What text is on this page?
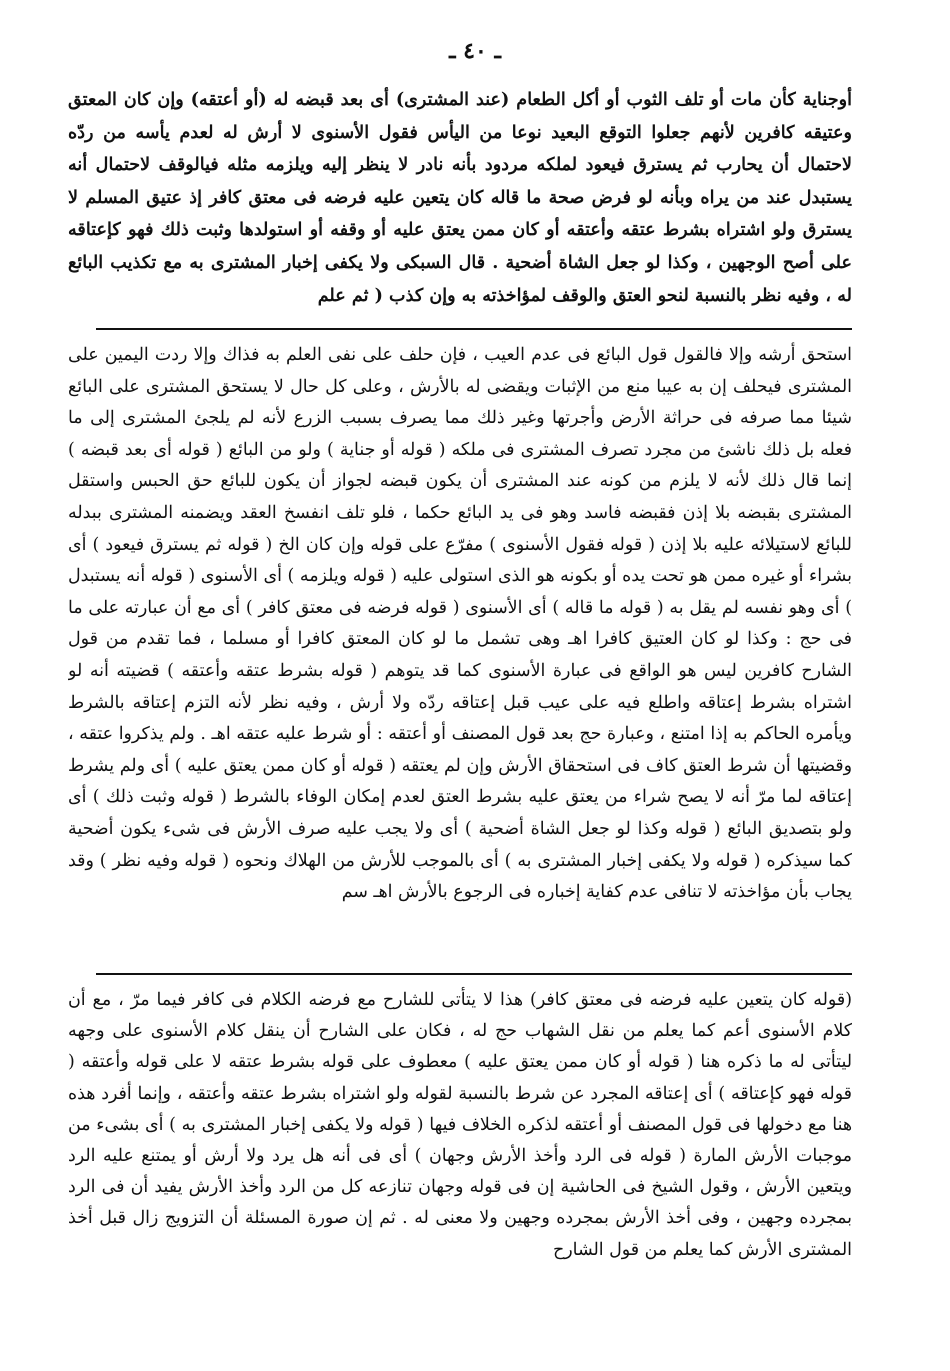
ـ ٤٠ ـ

أوجناية كأن مات أو تلف الثوب أو أكل الطعام (عند المشترى) أى بعد قبضه له (أو أعتقه) وإن كان المعتق وعتيقه كافرين لأنهم جعلوا التوقع البعيد نوعا من اليأس فقول الأسنوى لا أرش له لعدم يأسه من ردّه لاحتمال أن يحارب ثم يسترق فيعود لملكه مردود بأنه نادر لا ينظر إليه ويلزمه مثله فيالوقف لاحتمال أنه يستبدل عند من يراه وبأنه لو فرض صحة ما قاله كان يتعين عليه فرضه فى معتق كافر إذ عتيق المسلم لا يسترق ولو اشتراه بشرط عتقه وأعتقه أو كان ممن يعتق عليه أو وقفه أو استولدها وثبت ذلك فهو كإعتاقه على أصح الوجهين ، وكذا لو جعل الشاة أضحية . قال السبكى ولا يكفى إخبار المشترى به مع تكذيب البائع له ، وفيه نظر بالنسبة لنحو العتق والوقف لمؤاخذته به وإن كذب ( ثم علم

استحق أرشه وإلا فالقول قول البائع فى عدم العيب ، فإن حلف على نفى العلم به فذاك وإلا ردت اليمين على المشترى فيحلف إن به عيبا منع من الإثبات ويقضى له بالأرش ، وعلى كل حال لا يستحق المشترى على البائع شيئا مما صرفه فى حراثة الأرض وأجرتها وغير ذلك مما يصرف بسبب الزرع لأنه لم يلجئ المشترى إلى ما فعله بل ذلك ناشئ من مجرد تصرف المشترى فى ملكه ( قوله أو جناية ) ولو من البائع ( قوله أى بعد قبضه ) إنما قال ذلك لأنه لا يلزم من كونه عند المشترى أن يكون قبضه لجواز أن يكون للبائع حق الحبس واستقل المشترى بقبضه بلا إذن فقبضه فاسد وهو فى يد البائع حكما ، فلو تلف انفسخ العقد ويضمنه المشترى ببدله للبائع لاستيلائه عليه بلا إذن ( قوله فقول الأسنوى ) مفرّع على قوله وإن كان الخ ( قوله ثم يسترق فيعود ) أى بشراء أو غيره ممن هو تحت يده أو بكونه هو الذى استولى عليه ( قوله ويلزمه ) أى الأسنوى ( قوله أنه يستبدل ) أى وهو نفسه لم يقل به ( قوله ما قاله ) أى الأسنوى ( قوله فرضه فى معتق كافر ) أى مع أن عبارته على ما فى حج : وكذا لو كان العتيق كافرا اهـ وهى تشمل ما لو كان المعتق كافرا أو مسلما ، فما تقدم من قول الشارح كافرين ليس هو الواقع فى عبارة الأسنوى كما قد يتوهم ( قوله بشرط عتقه وأعتقه ) قضيته أنه لو اشتراه بشرط إعتاقه واطلع فيه على عيب قبل إعتاقه ردّه ولا أرش ، وفيه نظر لأنه التزم إعتاقه بالشرط ويأمره الحاكم به إذا امتنع ، وعبارة حج بعد قول المصنف أو أعتقه : أو شرط عليه عتقه اهـ . ولم يذكروا عتقه ، وقضيتها أن شرط العتق كاف فى استحقاق الأرش وإن لم يعتقه ( قوله أو كان ممن يعتق عليه ) أى ولم يشرط إعتاقه لما مرّ أنه لا يصح شراء من يعتق عليه بشرط العتق لعدم إمكان الوفاء بالشرط ( قوله وثبت ذلك ) أى ولو بتصديق البائع ( قوله وكذا لو جعل الشاة أضحية ) أى ولا يجب عليه صرف الأرش فى شىء يكون أضحية كما سيذكره ( قوله ولا يكفى إخبار المشترى به ) أى بالموجب للأرش من الهلاك ونحوه ( قوله وفيه نظر ) وقد يجاب بأن مؤاخذته لا تنافى عدم كفاية إخباره فى الرجوع بالأرش اهـ سم

(قوله كان يتعين عليه فرضه فى معتق كافر) هذا لا يتأتى للشارح مع فرضه الكلام فى كافر فيما مرّ ، مع أن كلام الأسنوى أعم كما يعلم من نقل الشهاب حج له ، فكان على الشارح أن ينقل كلام الأسنوى على وجهه ليتأتى له ما ذكره هنا ( قوله أو كان ممن يعتق عليه ) معطوف على قوله بشرط عتقه لا على قوله وأعتقه ( قوله فهو كإعتاقه ) أى إعتاقه المجرد عن شرط بالنسبة لقوله ولو اشتراه بشرط عتقه وأعتقه ، وإنما أفرد هذه هنا مع دخولها فى قول المصنف أو أعتقه لذكره الخلاف فيها ( قوله ولا يكفى إخبار المشترى به ) أى بشىء من موجبات الأرش المارة ( قوله فى الرد وأخذ الأرش وجهان ) أى فى أنه هل يرد ولا أرش أو يمتنع عليه الرد ويتعين الأرش ، وقول الشيخ فى الحاشية إن فى قوله وجهان تنازعه كل من الرد وأخذ الأرش يفيد أن فى الرد بمجرده وجهين ، وفى أخذ الأرش بمجرده وجهين ولا معنى له . ثم إن صورة المسئلة أن التزويج زال قبل أخذ المشترى الأرش كما يعلم من قول الشارح
